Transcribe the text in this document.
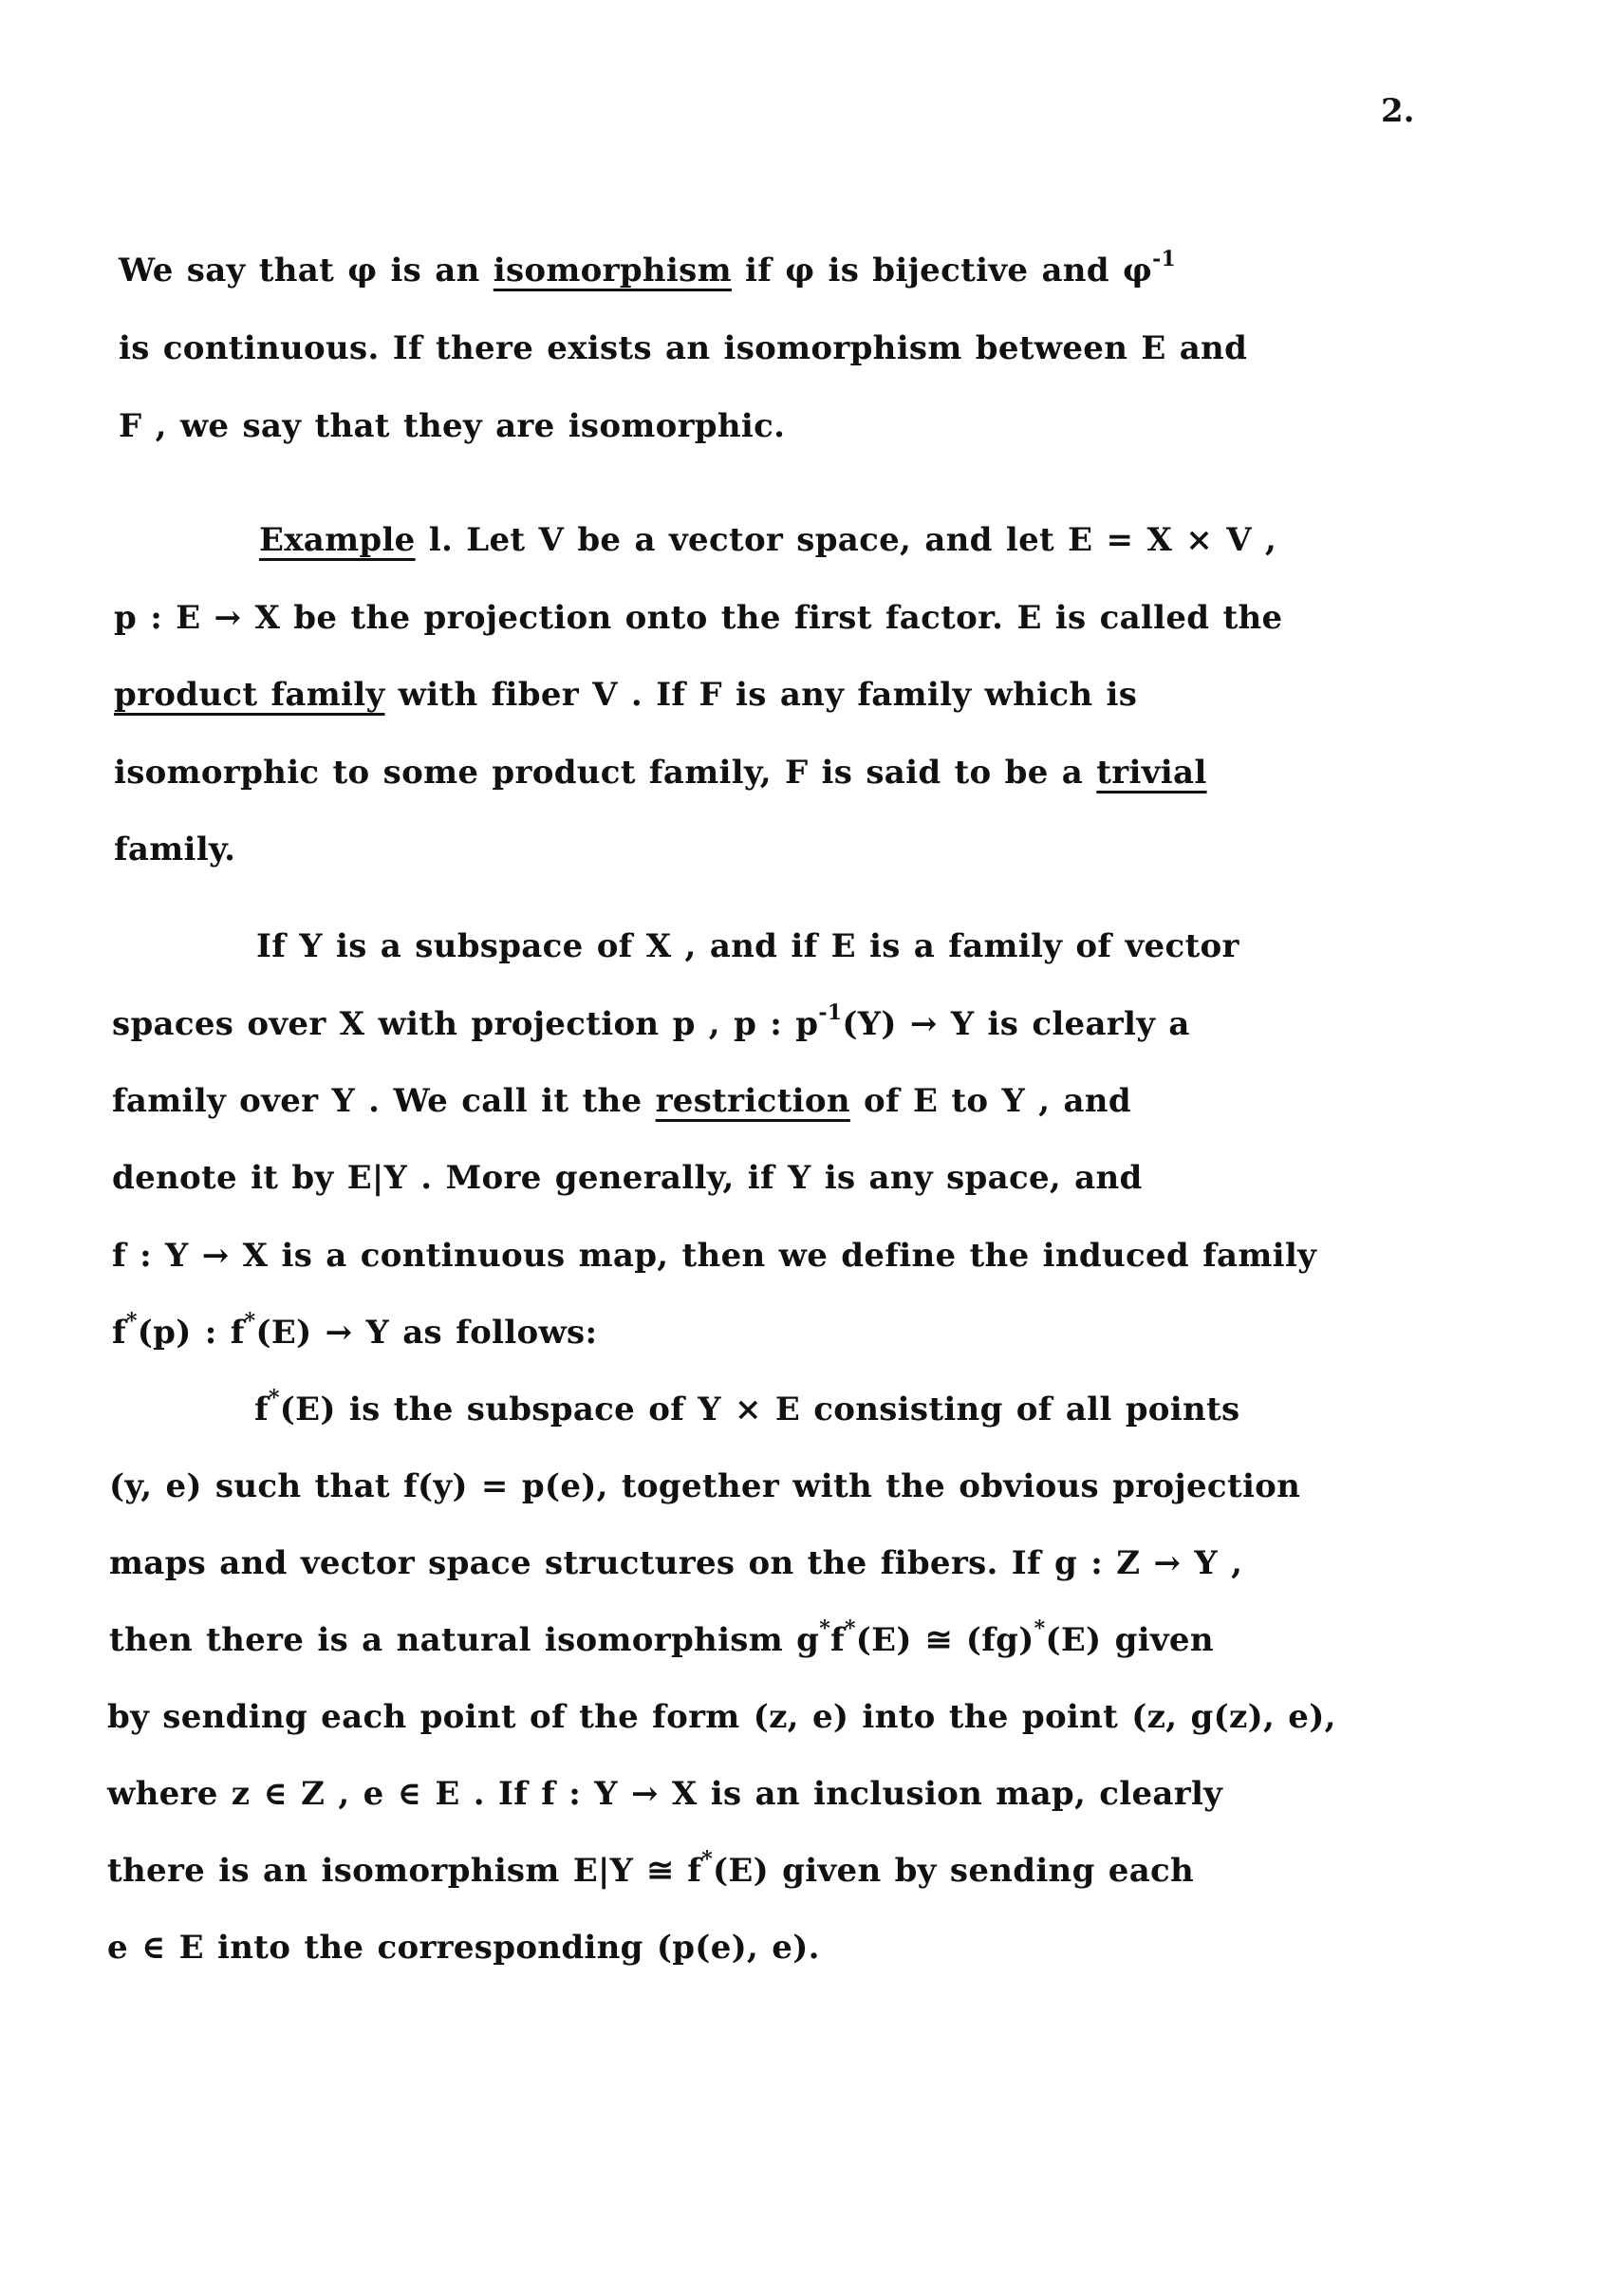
2.
We say that φ is an isomorphism if φ is bijective and $\varphi^{-1}$
is continuous. If there exists an isomorphism between E and
F , we say that they are isomorphic.
Example l. Let V be a vector space, and let E = X × V ,
p : E → X be the projection onto the first factor. E is called the
product family with fiber V . If F is any family which is
isomorphic to some product family, F is said to be a trivial
family.
If Y is a subspace of X , and if E is a family of vector
spaces over X with projection p , p : $p^{-1}(Y) \to Y$ is clearly a
family over Y . We call it the restriction of E to Y , and
denote it by E|Y . More generally, if Y is any space, and
f : Y → X is a continuous map, then we define the induced family
f*(p) : f*(E) → Y as follows:
f*(E) is the subspace of Y × E consisting of all points
(y, e) such that f(y) = p(e), together with the obvious projection
maps and vector space structures on the fibers. If g : Z → Y ,
then there is a natural isomorphism g*f*(E) ≅ (fg)*(E) given
by sending each point of the form (z, e) into the point (z, g(z), e),
where z ∈ Z , e ∈ E . If f : Y → X is an inclusion map, clearly
there is an isomorphism E|Y ≅ f*(E) given by sending each
e ∈ E into the corresponding (p(e), e).
